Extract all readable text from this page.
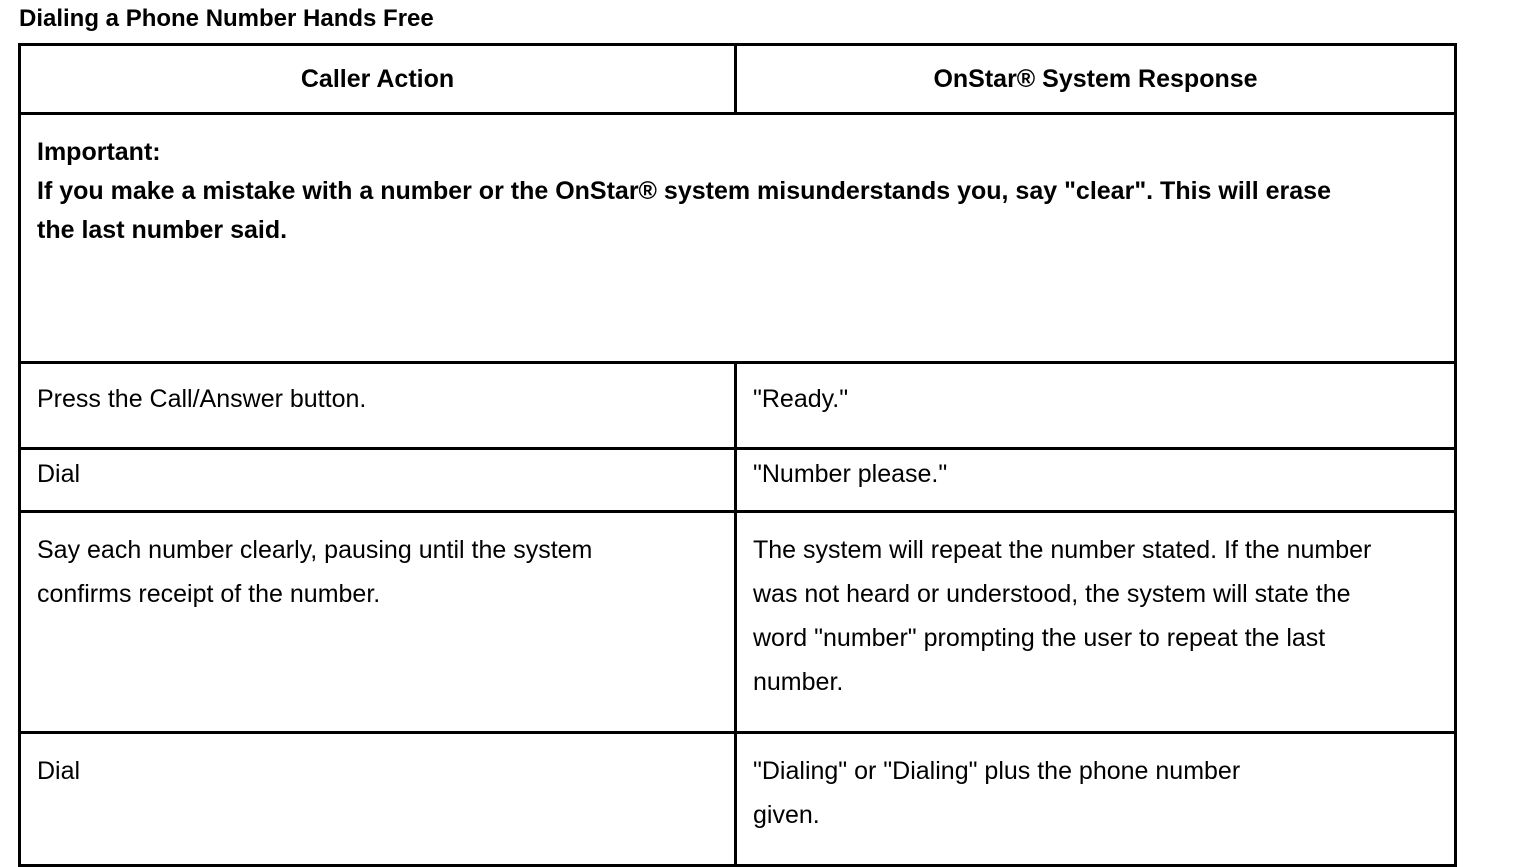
Dialing a Phone Number Hands Free
Caller Action	OnStar® System Response

Important:
If you make a mistake with a number or the OnStar® system misunderstands you, say "clear". This will erase the last number said.	

Press the Call/Answer button.	"Ready."
Dial	"Number please."

Say each number clearly, pausing until the system confirms receipt of the number.	The system will repeat the number stated. If the number was not heard or understood, the system will state the word "number" prompting the user to repeat the last number.

Dial	"Dialing" or "Dialing" plus the phone number given.
